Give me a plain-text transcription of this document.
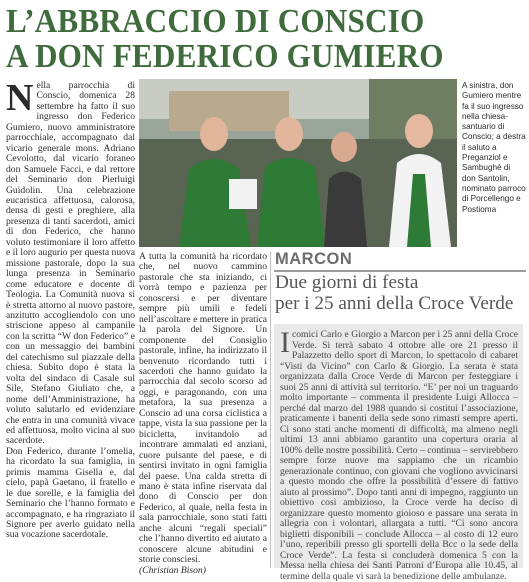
L’ABBRACCIO DI CONSCIO
A DON FEDERICO GUMIERO
N ella parrocchia di Conscio, domenica 28 settembre ha fatto il suo ingresso don Federico Gumiero, nuovo amministratore parrocchiale, accompagnato dal vicario generale mons. Adriano Cevolotto, dal vicario foraneo don Samuele Facci, e dal rettore del Seminario don Pierluigi Guidolin. Una celebrazione eucaristica affettuosa, calorosa, densa di gesti e preghiere, alla presenza di tanti sacerdoti, amici di don Federico, che hanno voluto testimoniare il loro affetto e il loro augurio per questa nuova missione pastorale, dopo la sua lunga presenza in Seminario come educatore e docente di Teologia. La Comunità nuova si è stretta attorno al nuovo pastore, anzitutto accogliendolo con uno striscione appeso al campanile con la scritta “W don Federico” e con un messaggio dei bambini del catechismo sul piazzale della chiesa. Subito dopo è stata la volta del sindaco di Casale sul Sile, Stefano Giuliato che, a nome dell’Amministrazione, ha voluto salutarlo ed evidenziare che entra in una comunità vivace ed affettuosa, molto vicina al suo sacerdote.

Don Federico, durante l’omelia, ha ricordato la sua famiglia, in primis mamma Gisella e, dal cielo, papà Gaetano, il fratello e le due sorelle, e la famiglia del Seminario che l’hanno formato e accompagnato, e ha ringraziato il Signore per averlo guidato nella sua vocazione sacerdotale.

A sinistra, don Gumiero mentre fa il suo ingresso nella chiesa-santuario di Conscio; a destra il saluto a Preganziol e Sambughè di don Santolin, nominato parroco di Porcellengo e Postioma

A tutta la comunità ha ricordato che, nel nuovo cammino pastorale che sta iniziando, ci vorrà tempo e pazienza per conoscersi e per diventare sempre più umili e fedeli nell’ascoltare e mettere in pratica la parola del Signore. Un componente del Consiglio pastorale, infine, ha indirizzato il benvenuto ricordando tutti i sacerdoti che hanno guidato la parrocchia dal secolo scorso ad oggi, e paragonando, con una metafora, la sua presenza a Conscio ad una corsa ciclistica a tappe, vista la sua passione per la bicicletta, invitandolo ad incontrare ammalati ed anziani, cuore pulsante del paese, e di sentirsi invitato in ogni famiglia del paese. Una calda stretta di mano è stata infine riservata dal dono di Conscio per don Federico, al quale, nella festa in sala parrocchiale, sono stati fatti anche alcuni “regali speciali” che l’hanno divertito ed aiutato a conoscere alcune abitudini e storie consciesi.

(Christian Bison)

MARCON
Due giorni di festa
per i 25 anni della Croce Verde
I comici Carlo e Giorgio a Marcon per i 25 anni della Croce Verde. Si terrà sabato 4 ottobre alle ore 21 presso il Palazzetto dello sport di Marcon, lo spettacolo di cabaret “Visti da Vicino” con Carlo & Giorgio. La serata è stata organizzata dalla Croce Verde di Marcon per festeggiare i suoi 25 anni di attività sul territorio. “E’ per noi un traguardo molto importante – commenta il presidente Luigi Allocca – perché dal marzo del 1988 quando si costituì l’associazione, praticamente i banenti della sede sono rimasti sempre aperti. Ci sono stati anche momenti di difficoltà, ma almeno negli ultimi 13 anni abbiamo garantito una copertura oraria al 100% delle nostre possibilità. Certo – continua – servirebbero sempre forze nuove ma sappiamo che un ricambio generazionale continuo, con giovani che vogliono avvicinarsi a questo mondo che offre la possibilità d’essere di fattivo aiuto al prossimo”. Dopo tanti anni di impegno, raggiunto un obiettivo così ambizioso, la Croce verde ha deciso di organizzare questo momento gioioso e passare una serata in allegria con i volontari, allargata a tutti. “Ci sono ancora biglietti disponibili – conclude Allocca – al costo di 12 euro l’uno, reperibili presso gli sportelli della Bcc o la sede della Croce Verde”. La festa si concluderà domenica 5 con la Messa nella chiesa dei Santi Patroni d’Europa alle 10.45, al termine della quale vi sarà la benedizione delle ambulanze.
